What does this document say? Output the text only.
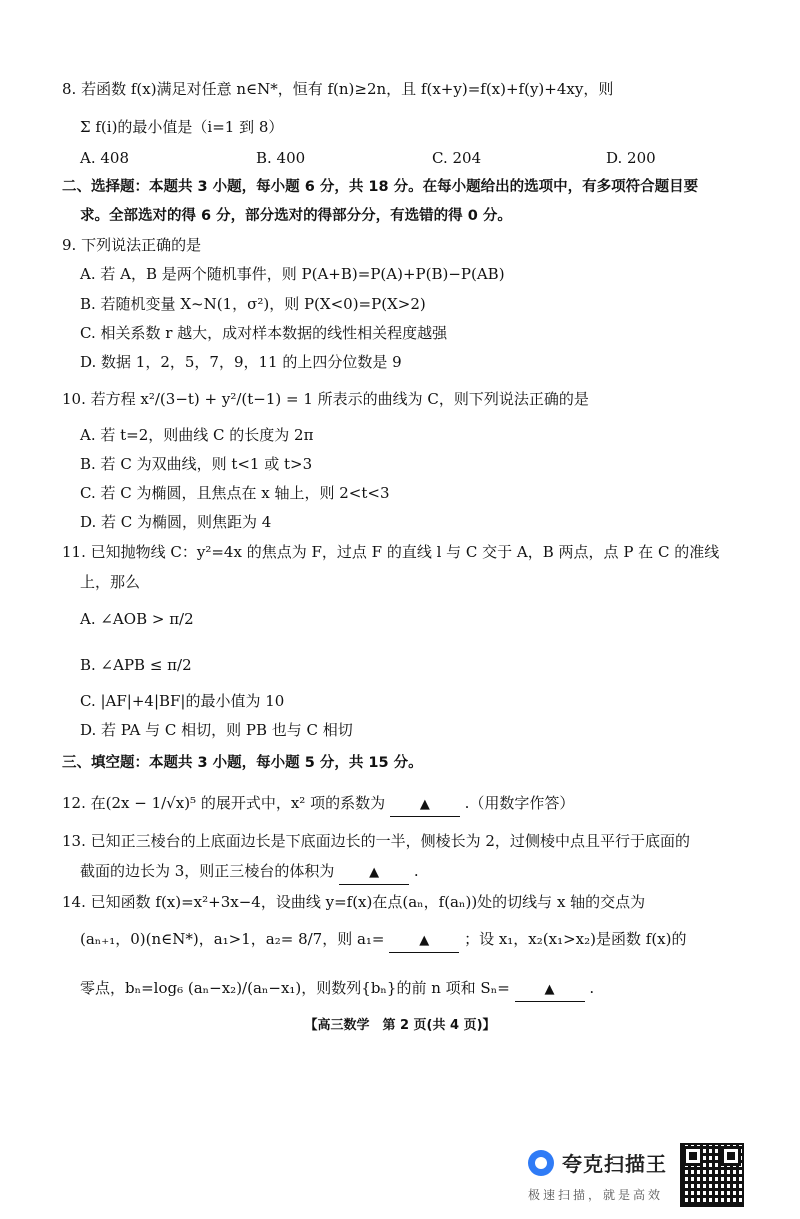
8. 若函数 f(x)满足对任意 n∈N*，恒有 f(n)≥2n，且 f(x+y)=f(x)+f(y)+4xy，则
Σ f(i)的最小值是（i=1 到 8）
A. 408	B. 400	C. 204	D. 200
二、选择题：本题共 3 小题，每小题 6 分，共 18 分。在每小题给出的选项中，有多项符合题目要
求。全部选对的得 6 分，部分选对的得部分分，有选错的得 0 分。
9. 下列说法正确的是
A. 若 A，B 是两个随机事件，则 P(A+B)=P(A)+P(B)−P(AB)
B. 若随机变量 X~N(1，σ²)，则 P(X<0)=P(X>2)
C. 相关系数 r 越大，成对样本数据的线性相关程度越强
D. 数据 1，2，5，7，9，11 的上四分位数是 9
10. 若方程 x²/(3−t) + y²/(t−1) = 1 所表示的曲线为 C，则下列说法正确的是
A. 若 t=2，则曲线 C 的长度为 2π
B. 若 C 为双曲线，则 t<1 或 t>3
C. 若 C 为椭圆，且焦点在 x 轴上，则 2<t<3
D. 若 C 为椭圆，则焦距为 4
11. 已知抛物线 C：y²=4x 的焦点为 F，过点 F 的直线 l 与 C 交于 A，B 两点，点 P 在 C 的准线
上，那么
A. ∠AOB > π/2
B. ∠APB ≤ π/2
C. |AF|+4|BF|的最小值为 10
D. 若 PA 与 C 相切，则 PB 也与 C 相切
三、填空题：本题共 3 小题，每小题 5 分，共 15 分。
12. 在(2x − 1/√x)⁵ 的展开式中，x² 项的系数为	▲ .（用数字作答）
13. 已知正三棱台的上底面边长是下底面边长的一半，侧棱长为 2，过侧棱中点且平行于底面的
截面的边长为 3，则正三棱台的体积为	▲ .
14. 已知函数 f(x)=x²+3x−4，设曲线 y=f(x)在点(aₙ，f(aₙ))处的切线与 x 轴的交点为
(aₙ₊₁，0)(n∈N*)，a₁>1，a₂= 8/7，则 a₁=	▲ ；设 x₁，x₂(x₁>x₂)是函数 f(x)的
零点，bₙ=log₆ (aₙ−x₂)/(aₙ−x₁)，则数列{bₙ}的前 n 项和 Sₙ=	▲ .
【高三数学　第 2 页(共 4 页)】
夸克扫描王
极速扫描，就是高效
